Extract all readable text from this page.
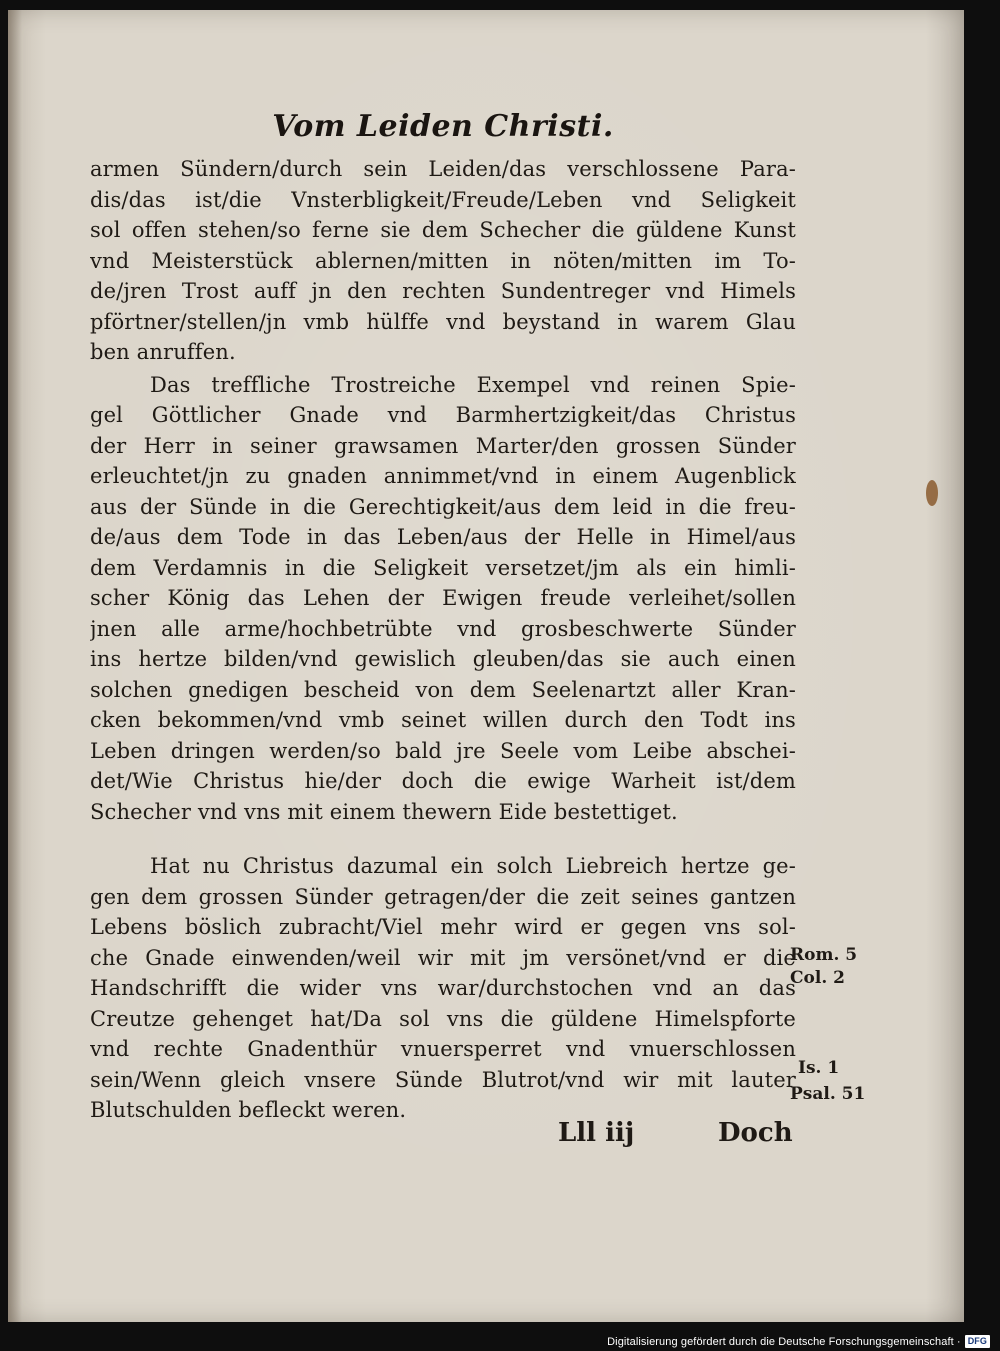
Vom Leiden Christi.
armen Sündern/durch sein Leiden/das verschlossene Para-
dis/das ist/die Vnsterbligkeit/Freude/Leben vnd Seligkeit
sol offen stehen/so ferne sie dem Schecher die güldene Kunst
vnd Meisterstück ablernen/mitten in nöten/mitten im To-
de/jren Trost auff jn den rechten Sundentreger vnd Himels
pförtner/stellen/jn vmb hülffe vnd beystand in warem Glau
ben anruffen.
Das treffliche Trostreiche Exempel vnd reinen Spie-
gel Göttlicher Gnade vnd Barmhertzigkeit/das Christus
der Herr in seiner grawsamen Marter/den grossen Sünder
erleuchtet/jn zu gnaden annimmet/vnd in einem Augenblick
aus der Sünde in die Gerechtigkeit/aus dem leid in die freu-
de/aus dem Tode in das Leben/aus der Helle in Himel/aus
dem Verdamnis in die Seligkeit versetzet/jm als ein himli-
scher König das Lehen der Ewigen freude verleihet/sollen
jnen alle arme/hochbetrübte vnd grosbeschwerte Sünder
ins hertze bilden/vnd gewislich gleuben/das sie auch einen
solchen gnedigen bescheid von dem Seelenartzt aller Kran-
cken bekommen/vnd vmb seinet willen durch den Todt ins
Leben dringen werden/so bald jre Seele vom Leibe abschei-
det/Wie Christus hie/der doch die ewige Warheit ist/dem
Schecher vnd vns mit einem thewern Eide bestettiget.
Hat nu Christus dazumal ein solch Liebreich hertze ge-
gen dem grossen Sünder getragen/der die zeit seines gantzen
Lebens böslich zubracht/Viel mehr wird er gegen vns sol-
che Gnade einwenden/weil wir mit jm versönet/vnd er die
Handschrifft die wider vns war/durchstochen vnd an das
Creutze gehenget hat/Da sol vns die güldene Himelspforte
vnd rechte Gnadenthür vnuersperret vnd vnuerschlossen
sein/Wenn gleich vnsere Sünde Blutrot/vnd wir mit lauter
Blutschulden befleckt weren.
Rom. 5
Col. 2
Is. 1
Psal. 51
Lll iij	Doch
Digitalisierung gefördert durch die Deutsche Forschungsgemeinschaft · DFG
